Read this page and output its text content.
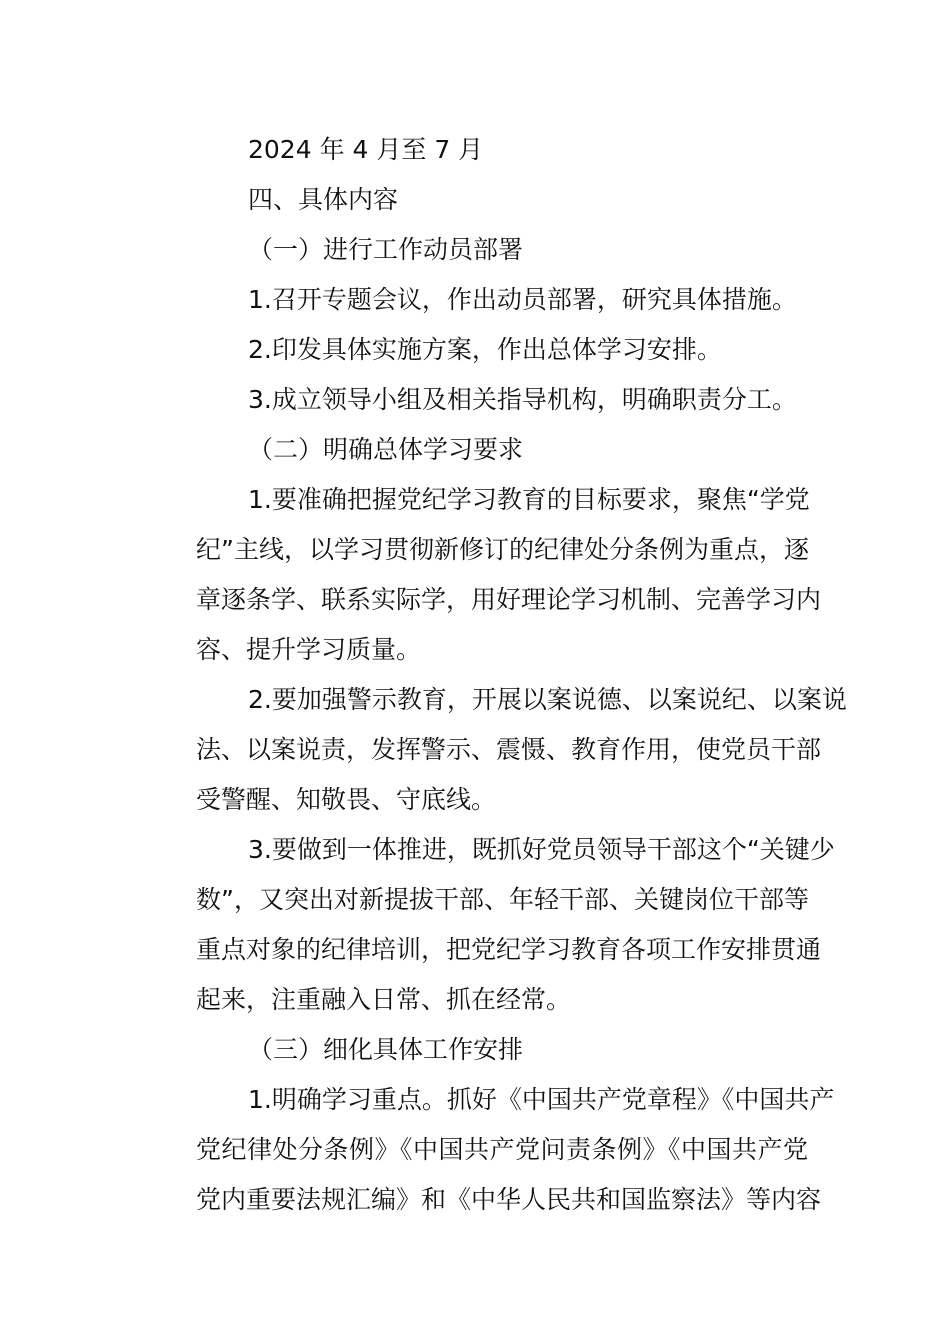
2024 年 4 月至 7 月
四、具体内容
（一）进行工作动员部署
1.召开专题会议，作出动员部署，研究具体措施。
2.印发具体实施方案，作出总体学习安排。
3.成立领导小组及相关指导机构，明确职责分工。
（二）明确总体学习要求
1.要准确把握党纪学习教育的目标要求，聚焦“学党
纪”主线，以学习贯彻新修订的纪律处分条例为重点，逐
章逐条学、联系实际学，用好理论学习机制、完善学习内
容、提升学习质量。
2.要加强警示教育，开展以案说德、以案说纪、以案说
法、以案说责，发挥警示、震慑、教育作用，使党员干部
受警醒、知敬畏、守底线。
3.要做到一体推进，既抓好党员领导干部这个“关键少
数”，又突出对新提拔干部、年轻干部、关键岗位干部等
重点对象的纪律培训，把党纪学习教育各项工作安排贯通
起来，注重融入日常、抓在经常。
（三）细化具体工作安排
1.明确学习重点。抓好《中国共产党章程》《中国共产
党纪律处分条例》《中国共产党问责条例》《中国共产党
党内重要法规汇编》和《中华人民共和国监察法》等内容
